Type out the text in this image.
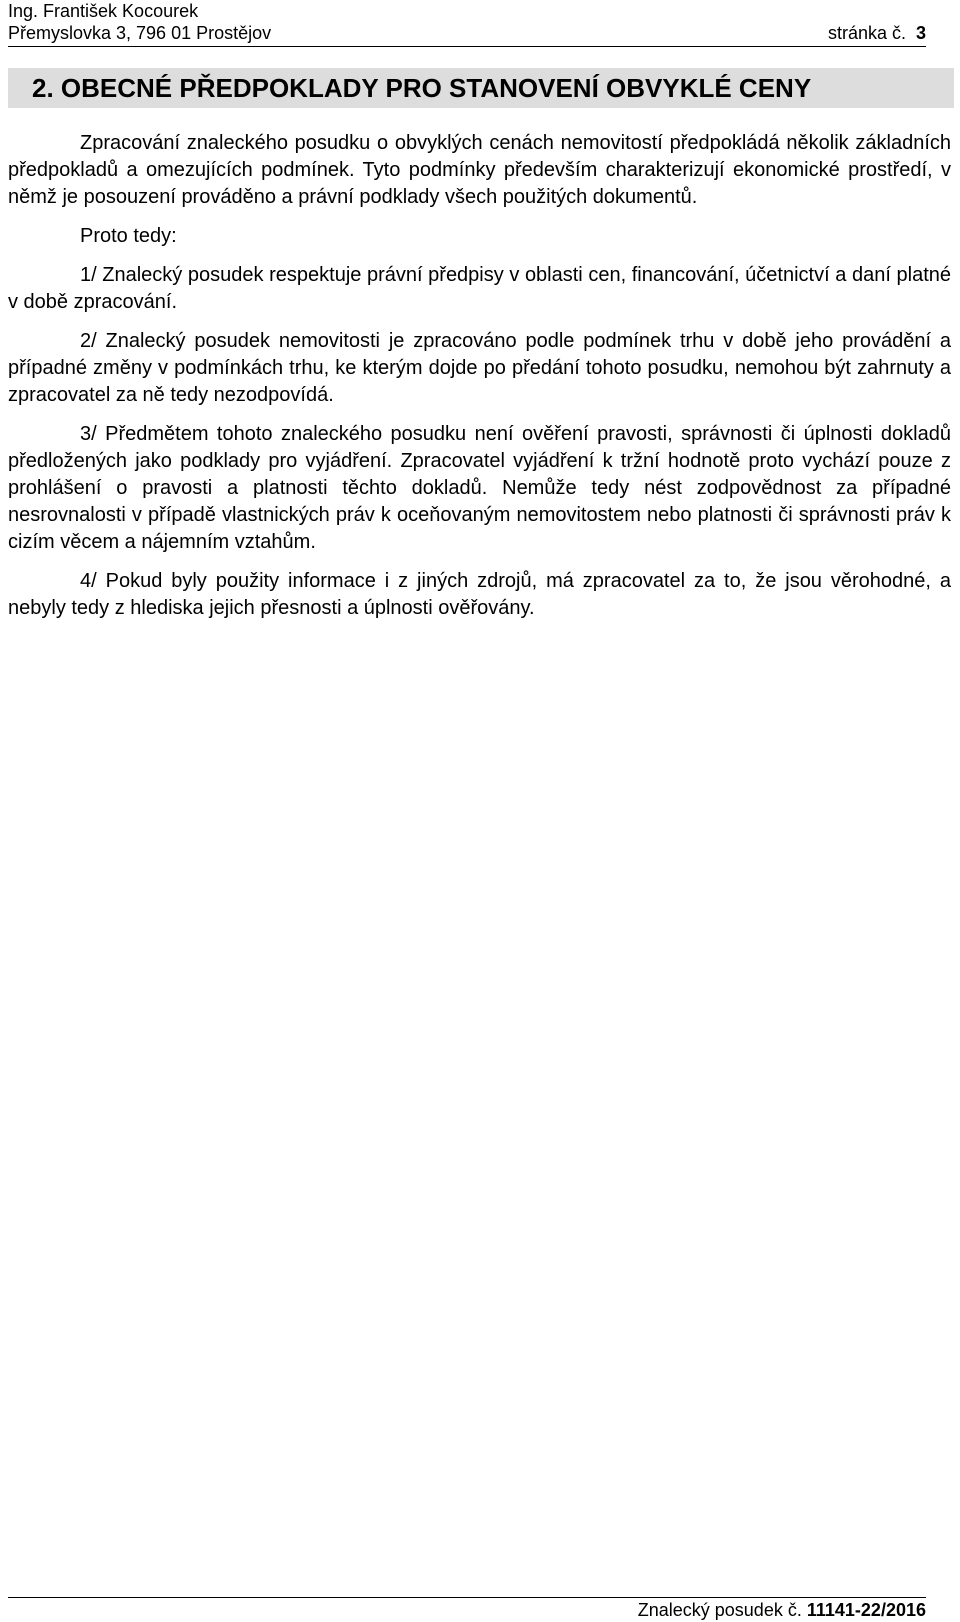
Ing. František Kocourek
Přemyslovka 3, 796 01 Prostějov	stránka č. 3
2. OBECNÉ PŘEDPOKLADY PRO STANOVENÍ OBVYKLÉ CENY

Zpracování znaleckého posudku o obvyklých cenách nemovitostí předpokládá několik základních předpokladů a omezujících podmínek. Tyto podmínky především charakterizují ekonomické prostředí, v němž je posouzení prováděno a právní podklady všech použitých dokumentů.

Proto tedy:

1/ Znalecký posudek respektuje právní předpisy v oblasti cen, financování, účetnictví a daní platné v době zpracování.

2/ Znalecký posudek nemovitosti je zpracováno podle podmínek trhu v době jeho provádění a případné změny v podmínkách trhu, ke kterým dojde po předání tohoto posudku, nemohou být zahrnuty a zpracovatel za ně tedy nezodpovídá.

3/ Předmětem tohoto znaleckého posudku není ověření pravosti, správnosti či úplnosti dokladů předložených jako podklady pro vyjádření. Zpracovatel vyjádření k tržní hodnotě proto vychází pouze z prohlášení o pravosti a platnosti těchto dokladů. Nemůže tedy nést zodpovědnost za případné nesrovnalosti v případě vlastnických práv k oceňovaným nemovitostem nebo platnosti či správnosti práv k cizím věcem a nájemním vztahům.

4/ Pokud byly použity informace i z jiných zdrojů, má zpracovatel za to, že jsou věrohodné, a nebyly tedy z hlediska jejich přesnosti a úplnosti ověřovány.

Znalecký posudek č. 11141-22/2016
